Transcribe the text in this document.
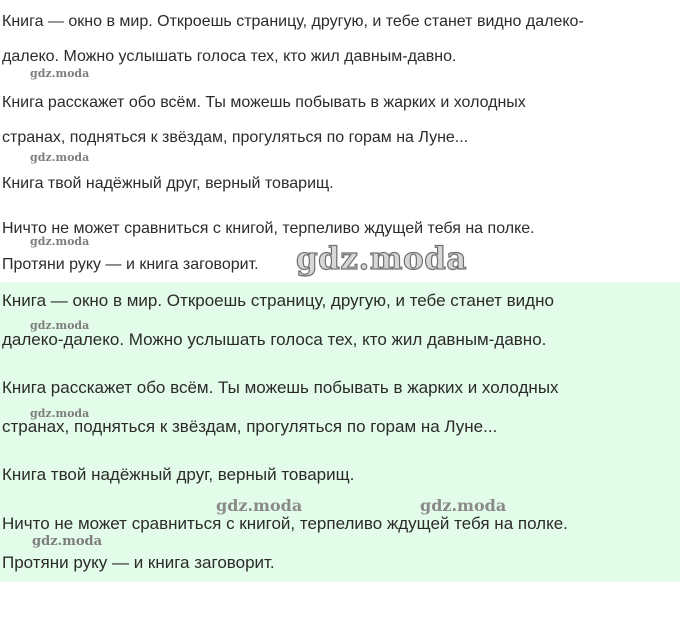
Книга — окно в мир. Откроешь страницу, другую, и тебе станет видно далеко-
далеко. Можно услышать голоса тех, кто жил давным-давно.
Книга расскажет обо всём. Ты можешь побывать в жарких и холодных
странах, подняться к звёздам, прогуляться по горам на Луне...
Книга твой надёжный друг, верный товарищ.
Ничто не может сравниться с книгой, терпеливо ждущей тебя на полке.
Протяни руку — и книга заговорит.
Книга — окно в мир. Откроешь страницу, другую, и тебе станет видно
далеко-далеко. Можно услышать голоса тех, кто жил давным-давно.
Книга расскажет обо всём. Ты можешь побывать в жарких и холодных
странах, подняться к звёздам, прогуляться по горам на Луне...
Книга твой надёжный друг, верный товарищ.
Ничто не может сравниться с книгой, терпеливо ждущей тебя на полке.
Протяни руку — и книга заговорит.
gdz.moda
gdz.moda
gdz.moda	gdz.moda
gdz.moda
gdz.moda
gdz.moda	gdz.moda
gdz.moda
